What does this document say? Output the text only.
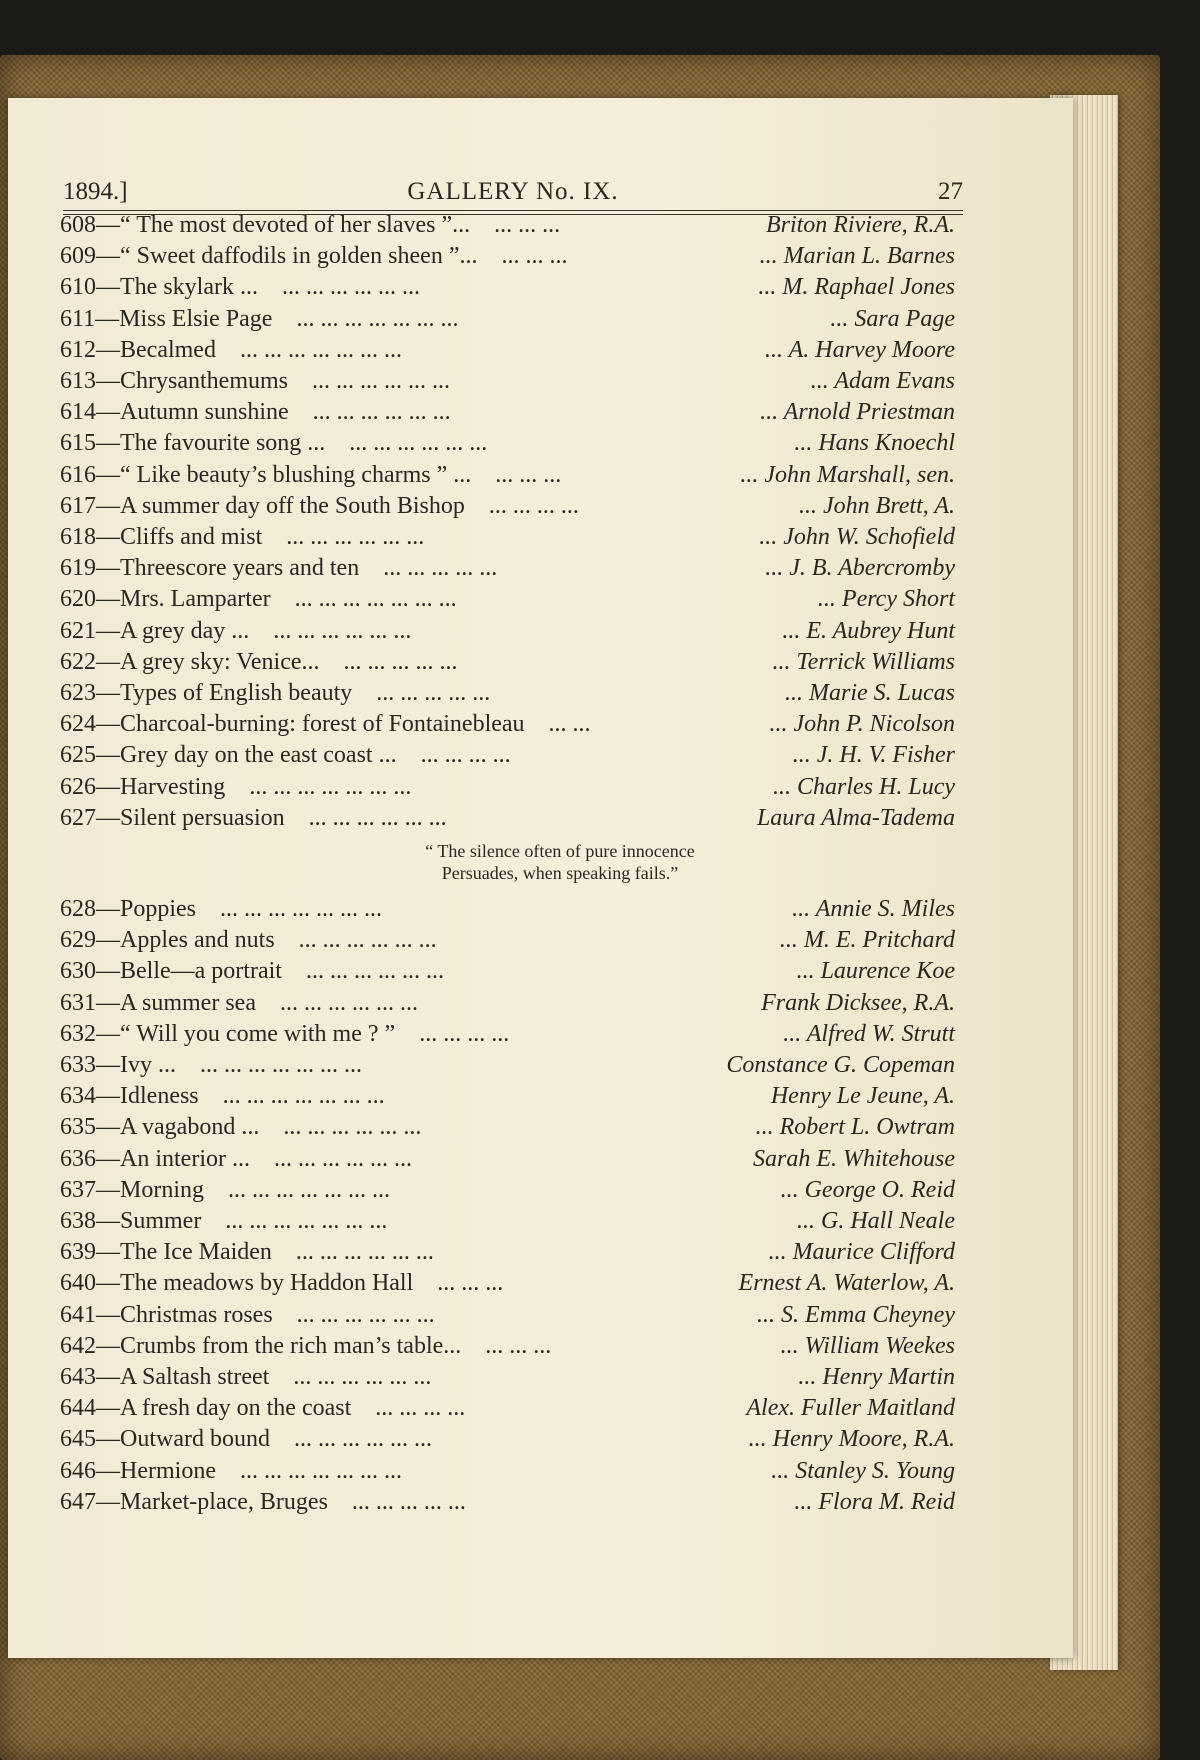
GALLERY No. IX.
1894.]	27
608—“ The most devoted of her slaves ”...	Briton Riviere, R.A.
... ... ...
609—“ Sweet daffodils in golden sheen ”...	... Marian L. Barnes
... ... ...
610—The skylark ...	... M. Raphael Jones
... ... ... ... ... ...
611—Miss Elsie Page	... Sara Page
... ... ... ... ... ... ...
612—Becalmed	... A. Harvey Moore
... ... ... ... ... ... ...
613—Chrysanthemums	... Adam Evans
... ... ... ... ... ...
614—Autumn sunshine	... Arnold Priestman
... ... ... ... ... ...
615—The favourite song ...	... Hans Knoechl
... ... ... ... ... ...
616—“ Like beauty’s blushing charms ” ...	... John Marshall, sen.
... ... ...
617—A summer day off the South Bishop	... John Brett, A.
... ... ... ...
618—Cliffs and mist	... John W. Schofield
... ... ... ... ... ...
619—Threescore years and ten	... J. B. Abercromby
... ... ... ... ...
620—Mrs. Lamparter	... Percy Short
... ... ... ... ... ... ...
621—A grey day ...	... E. Aubrey Hunt
... ... ... ... ... ...
622—A grey sky: Venice...	... Terrick Williams
... ... ... ... ...
623—Types of English beauty	... Marie S. Lucas
... ... ... ... ...
624—Charcoal-burning: forest of Fontainebleau	... John P. Nicolson
... ...
625—Grey day on the east coast ...	... J. H. V. Fisher
... ... ... ...
626—Harvesting	... Charles H. Lucy
... ... ... ... ... ... ...
627—Silent persuasion	Laura Alma-Tadema
... ... ... ... ... ...
“ The silence often of pure innocence
Persuades, when speaking fails.”
628—Poppies	... Annie S. Miles
... ... ... ... ... ... ...
629—Apples and nuts	... M. E. Pritchard
... ... ... ... ... ...
630—Belle—a portrait	... Laurence Koe
... ... ... ... ... ...
631—A summer sea	Frank Dicksee, R.A.
... ... ... ... ... ...
632—“ Will you come with me ? ”	... Alfred W. Strutt
... ... ... ...
633—Ivy ...	Constance G. Copeman
... ... ... ... ... ... ...
634—Idleness	Henry Le Jeune, A.
... ... ... ... ... ... ...
635—A vagabond ...	... Robert L. Owtram
... ... ... ... ... ...
636—An interior ...	Sarah E. Whitehouse
... ... ... ... ... ...
637—Morning	... George O. Reid
... ... ... ... ... ... ...
638—Summer	... G. Hall Neale
... ... ... ... ... ... ...
639—The Ice Maiden	... Maurice Clifford
... ... ... ... ... ...
640—The meadows by Haddon Hall	Ernest A. Waterlow, A.
... ... ...
641—Christmas roses	... S. Emma Cheyney
... ... ... ... ... ...
642—Crumbs from the rich man’s table...	... William Weekes
... ... ...
643—A Saltash street	... Henry Martin
... ... ... ... ... ...
644—A fresh day on the coast	Alex. Fuller Maitland
... ... ... ...
645—Outward bound	... Henry Moore, R.A.
... ... ... ... ... ...
646—Hermione	... Stanley S. Young
... ... ... ... ... ... ...
647—Market-place, Bruges	... Flora M. Reid
... ... ... ... ...
